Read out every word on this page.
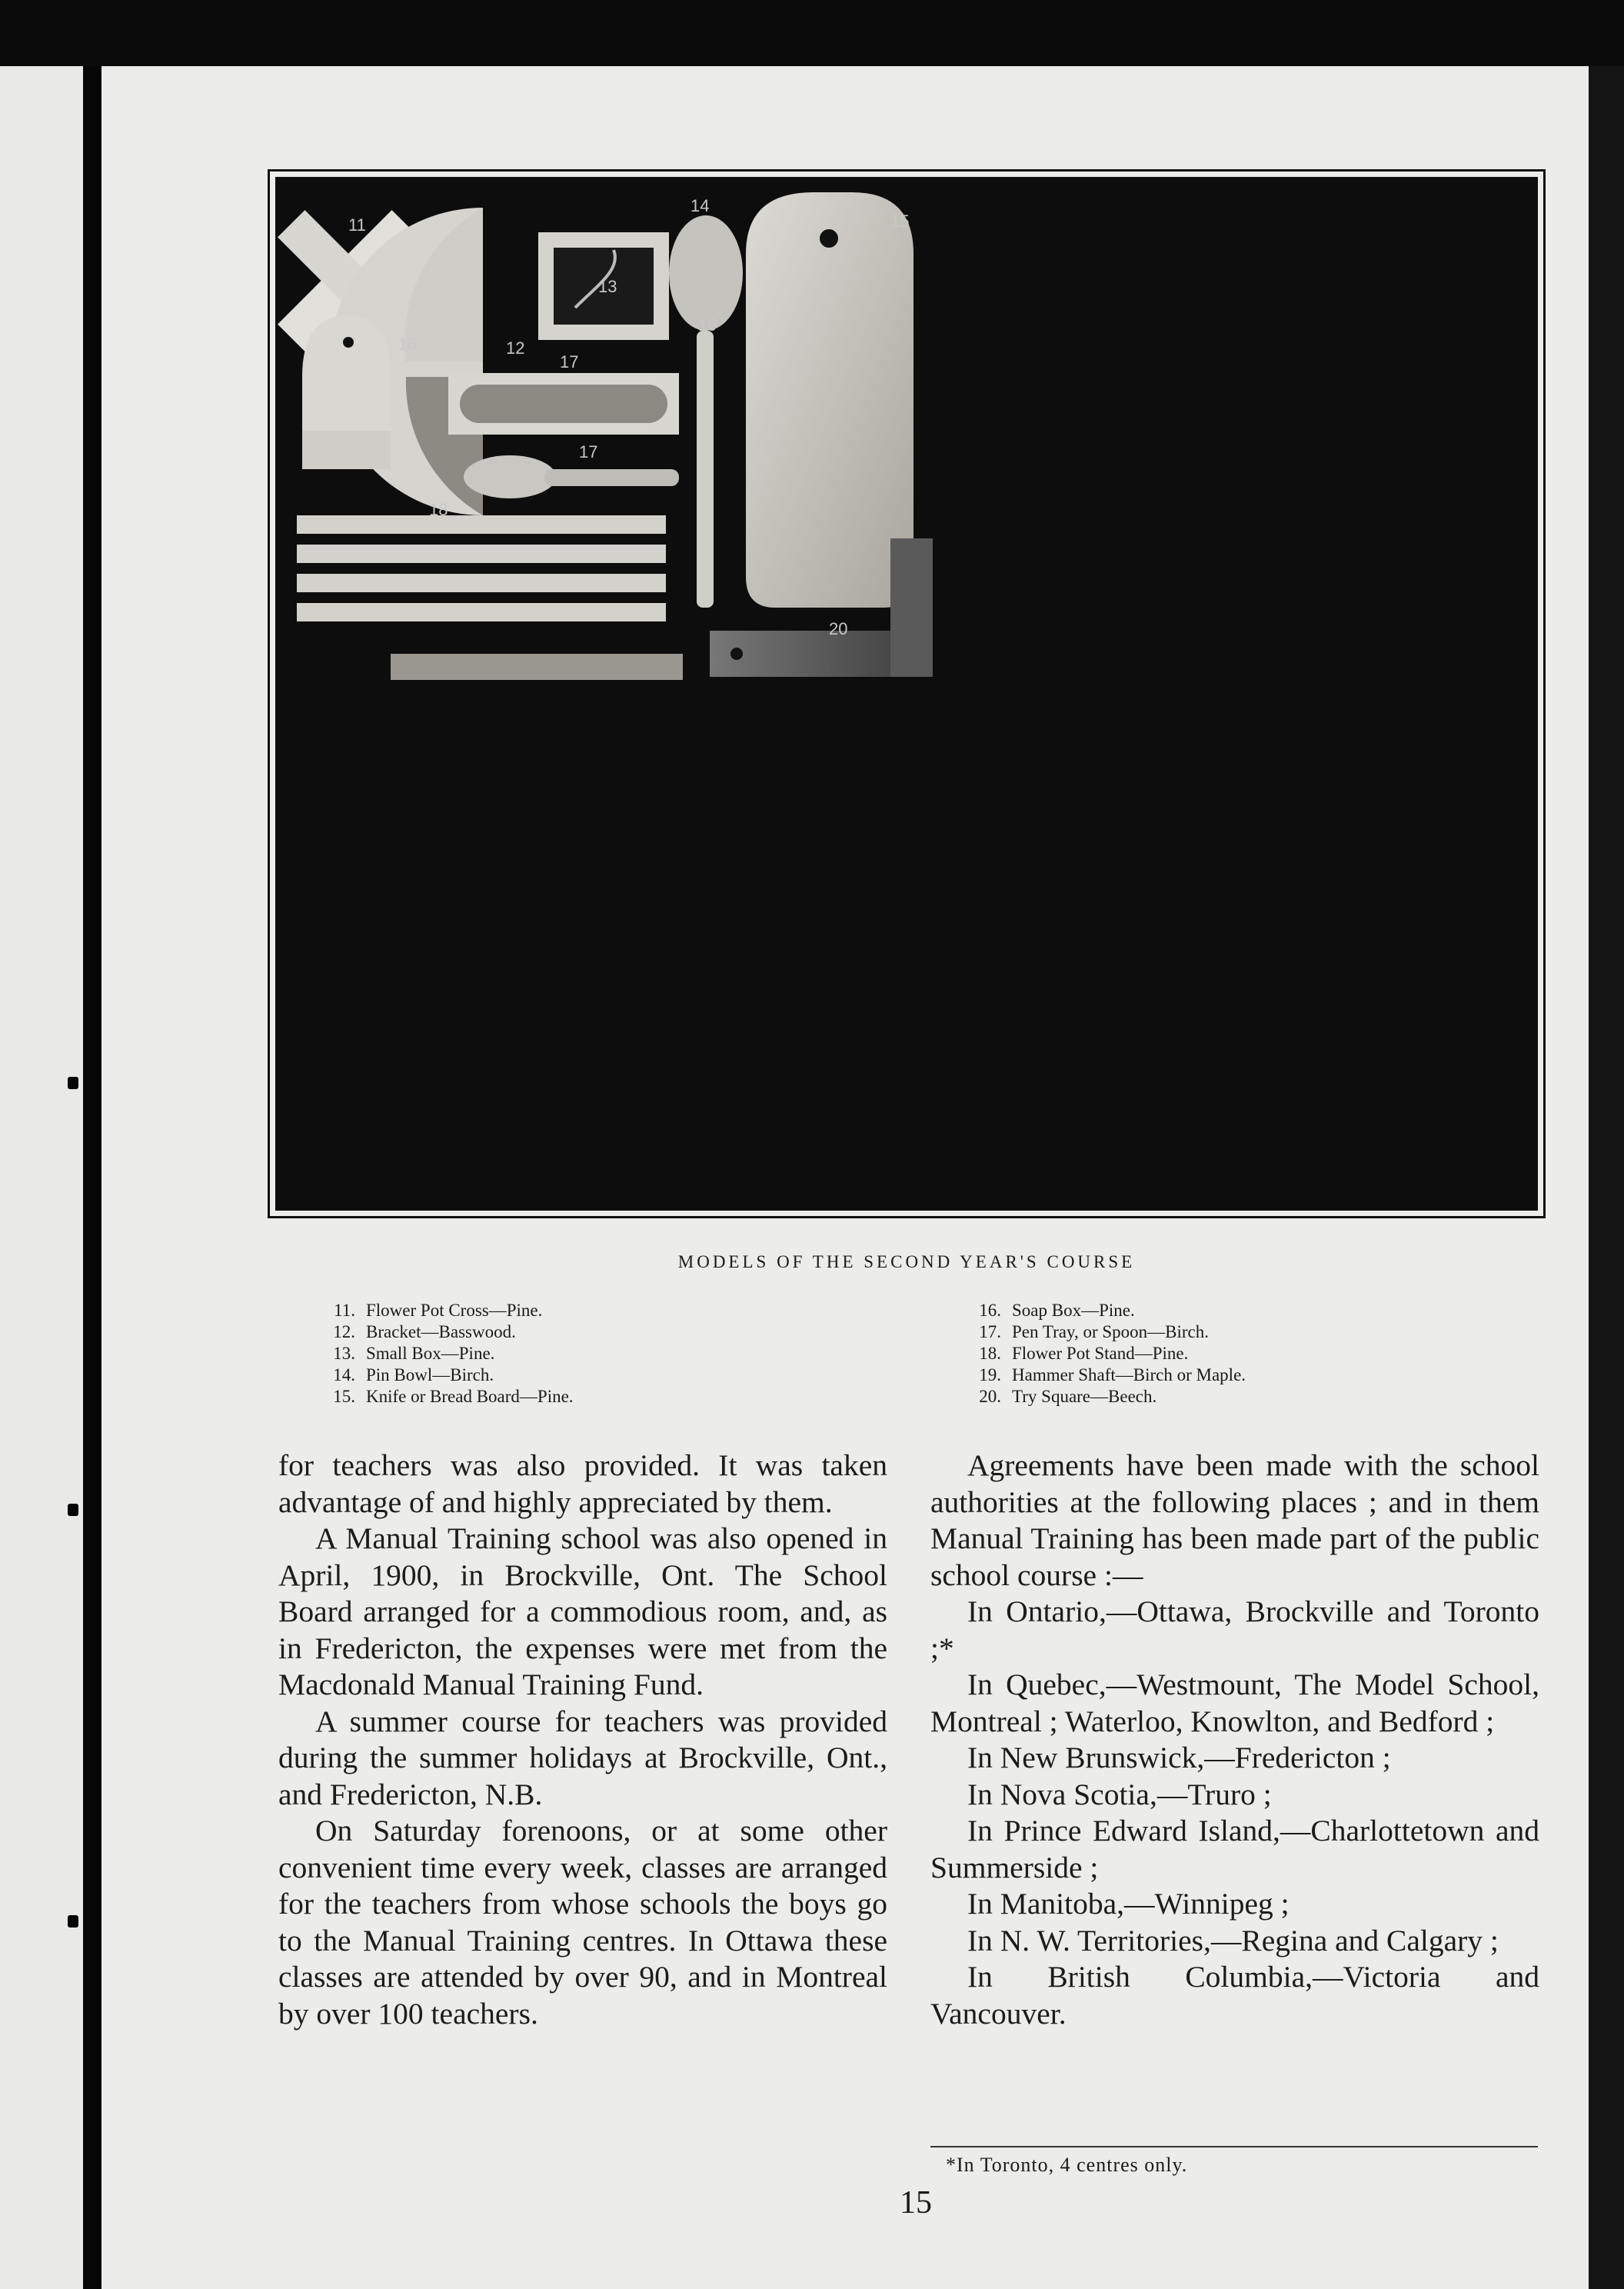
11
12
13
14
15
16
17
17
18
19
20
MODELS OF THE SECOND YEAR'S COURSE
11. Flower Pot Cross—Pine.
12. Bracket—Basswood.
13. Small Box—Pine.
14. Pin Bowl—Birch.
15. Knife or Bread Board—Pine.
16. Soap Box—Pine.
17. Pen Tray, or Spoon—Birch.
18. Flower Pot Stand—Pine.
19. Hammer Shaft—Birch or Maple.
20. Try Square—Beech.

for teachers was also provided. It was taken advantage of and highly appreciated by them.

A Manual Training school was also opened in April, 1900, in Brockville, Ont. The School Board arranged for a commodious room, and, as in Fredericton, the expenses were met from the Macdonald Manual Training Fund.

A summer course for teachers was provided during the summer holidays at Brockville, Ont., and Fredericton, N.B.

On Saturday forenoons, or at some other convenient time every week, classes are arranged for the teachers from whose schools the boys go to the Manual Training centres. In Ottawa these classes are attended by over 90, and in Montreal by over 100 teachers.

Agreements have been made with the school authorities at the following places ; and in them Manual Training has been made part of the public school course :—

In Ontario,—Ottawa, Brockville and Toronto ;*

In Quebec,—Westmount, The Model School, Montreal ; Waterloo, Knowlton, and Bedford ;

In New Brunswick,—Fredericton ;

In Nova Scotia,—Truro ;

In Prince Edward Island,—Charlottetown and Summerside ;

In Manitoba,—Winnipeg ;

In N. W. Territories,—Regina and Calgary ;

In British Columbia,—Victoria and Vancouver.

*In Toronto, 4 centres only.
15
